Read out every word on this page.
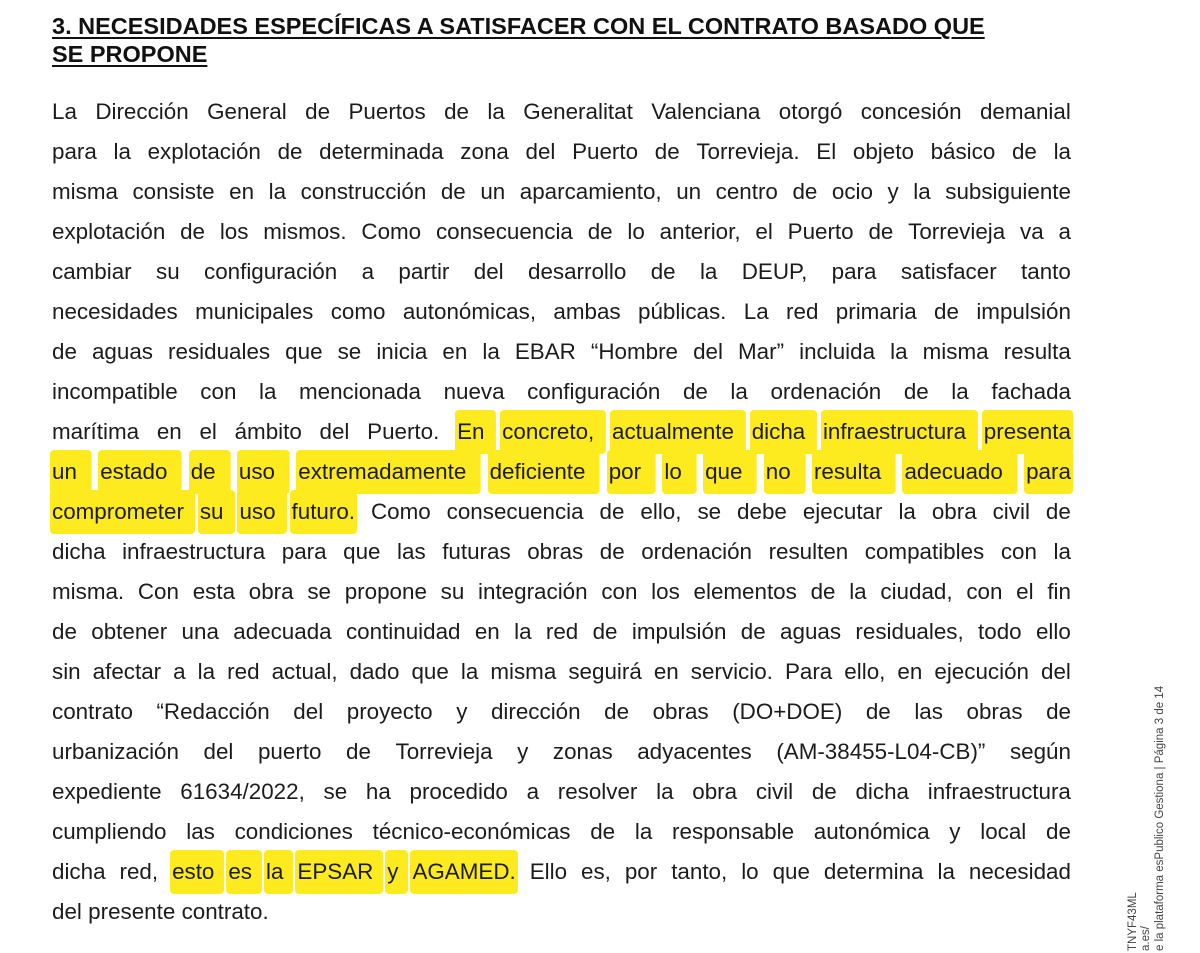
3. NECESIDADES ESPECÍFICAS A SATISFACER CON EL CONTRATO BASADO QUE
SE PROPONE
La Dirección General de Puertos de la Generalitat Valenciana otorgó concesión demanial
para la explotación de determinada zona del Puerto de Torrevieja. El objeto básico de la
misma consiste en la construcción de un aparcamiento, un centro de ocio y la subsiguiente
explotación de los mismos. Como consecuencia de lo anterior, el Puerto de Torrevieja va a
cambiar su configuración a partir del desarrollo de la DEUP, para satisfacer tanto
necesidades municipales como autonómicas, ambas públicas. La red primaria de impulsión
de aguas residuales que se inicia en la EBAR “Hombre del Mar” incluida la misma resulta
incompatible con la mencionada nueva configuración de la ordenación de la fachada
marítima en el ámbito del Puerto. En concreto, actualmente dicha infraestructura presenta
un estado de uso extremadamente deficiente por lo que no resulta adecuado para
comprometer su uso futuro. Como consecuencia de ello, se debe ejecutar la obra civil de
dicha infraestructura para que las futuras obras de ordenación resulten compatibles con la
misma. Con esta obra se propone su integración con los elementos de la ciudad, con el fin
de obtener una adecuada continuidad en la red de impulsión de aguas residuales, todo ello
sin afectar a la red actual, dado que la misma seguirá en servicio. Para ello, en ejecución del
contrato “Redacción del proyecto y dirección de obras (DO+DOE) de las obras de
urbanización del puerto de Torrevieja y zonas adyacentes (AM-38455-L04-CB)” según
expediente 61634/2022, se ha procedido a resolver la obra civil de dicha infraestructura
cumpliendo las condiciones técnico-económicas de la responsable autonómica y local de
dicha red, esto es la EPSAR y AGAMED. Ello es, por tanto, lo que determina la necesidad
del presente contrato.	TNYF43ML a.es/ e la plataforma esPublico Gestiona | Página 3 de 14
